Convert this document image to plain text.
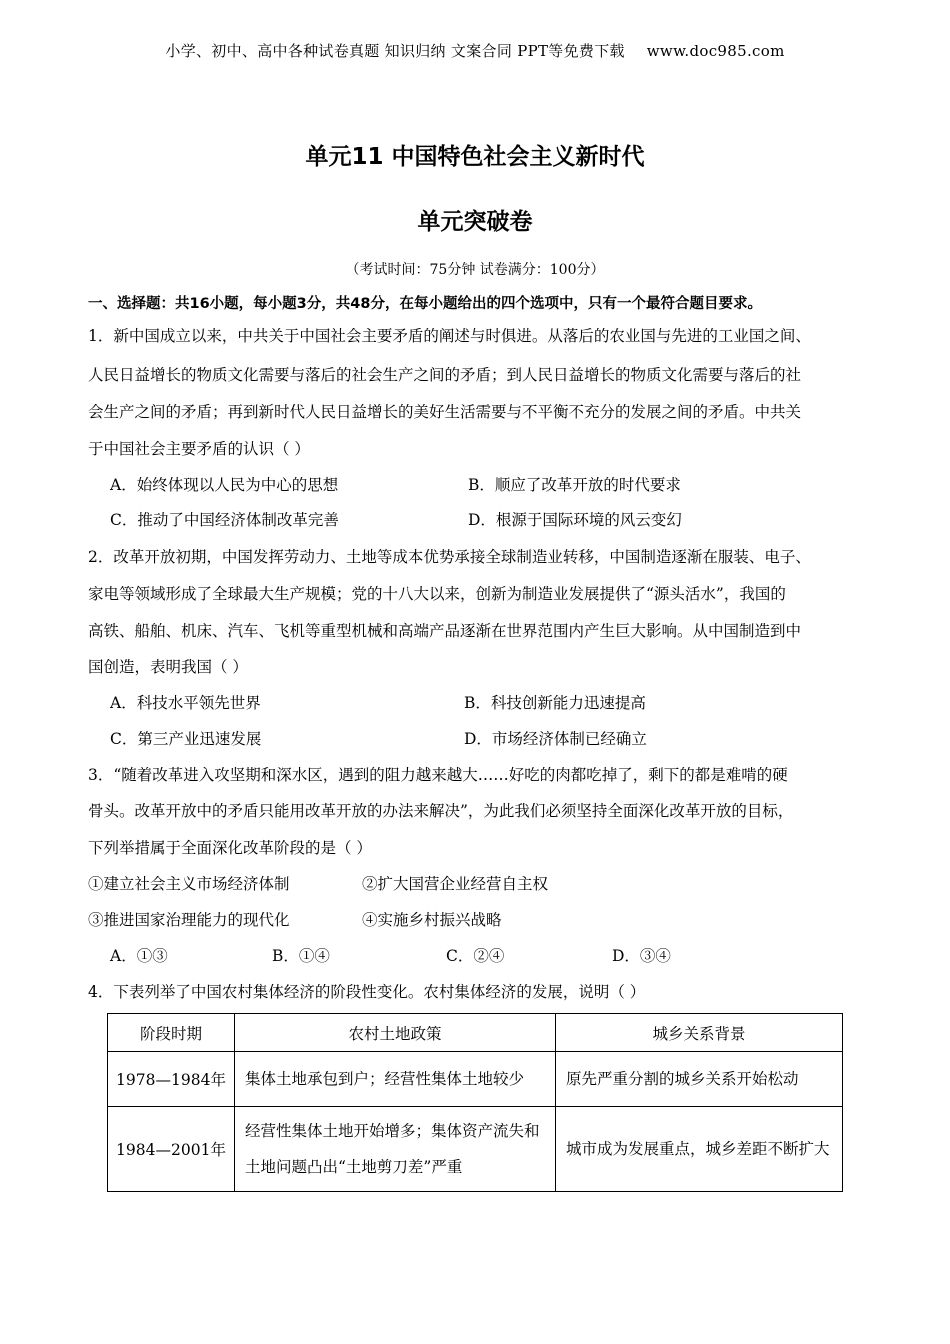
小学、初中、高中各种试卷真题 知识归纳 文案合同 PPT等免费下载 www.doc985.com
单元11 中国特色社会主义新时代
单元突破卷
（考试时间：75分钟 试卷满分：100分）
一、选择题：共16小题，每小题3分，共48分，在每小题给出的四个选项中，只有一个最符合题目要求。
1．新中国成立以来，中共关于中国社会主要矛盾的阐述与时俱进。从落后的农业国与先进的工业国之间、
人民日益增长的物质文化需要与落后的社会生产之间的矛盾；到人民日益增长的物质文化需要与落后的社
会生产之间的矛盾；再到新时代人民日益增长的美好生活需要与不平衡不充分的发展之间的矛盾。中共关
于中国社会主要矛盾的认识（ ）
A．始终体现以人民为中心的思想	B．顺应了改革开放的时代要求
C．推动了中国经济体制改革完善	D．根源于国际环境的风云变幻
2．改革开放初期，中国发挥劳动力、土地等成本优势承接全球制造业转移，中国制造逐渐在服装、电子、
家电等领域形成了全球最大生产规模；党的十八大以来，创新为制造业发展提供了“源头活水”，我国的
高铁、船舶、机床、汽车、飞机等重型机械和高端产品逐渐在世界范围内产生巨大影响。从中国制造到中
国创造，表明我国（ ）
A．科技水平领先世界	B．科技创新能力迅速提高
C．第三产业迅速发展	D．市场经济体制已经确立
3．“随着改革进入攻坚期和深水区，遇到的阻力越来越大……好吃的肉都吃掉了，剩下的都是难啃的硬
骨头。改革开放中的矛盾只能用改革开放的办法来解决”，为此我们必须坚持全面深化改革开放的目标，
下列举措属于全面深化改革阶段的是（ ）
①建立社会主义市场经济体制	②扩大国营企业经营自主权
③推进国家治理能力的现代化	④实施乡村振兴战略
A．①③	B．①④	C．②④	D．③④
4．下表列举了中国农村集体经济的阶段性变化。农村集体经济的发展，说明（ ）
阶段时期	农村土地政策	城乡关系背景
1978—1984年	集体土地承包到户；经营性集体土地较少	原先严重分割的城乡关系开始松动

1984—2001年	经营性集体土地开始增多；集体资产流失和土地问题凸出“土地剪刀差”严重	城市成为发展重点，城乡差距不断扩大
